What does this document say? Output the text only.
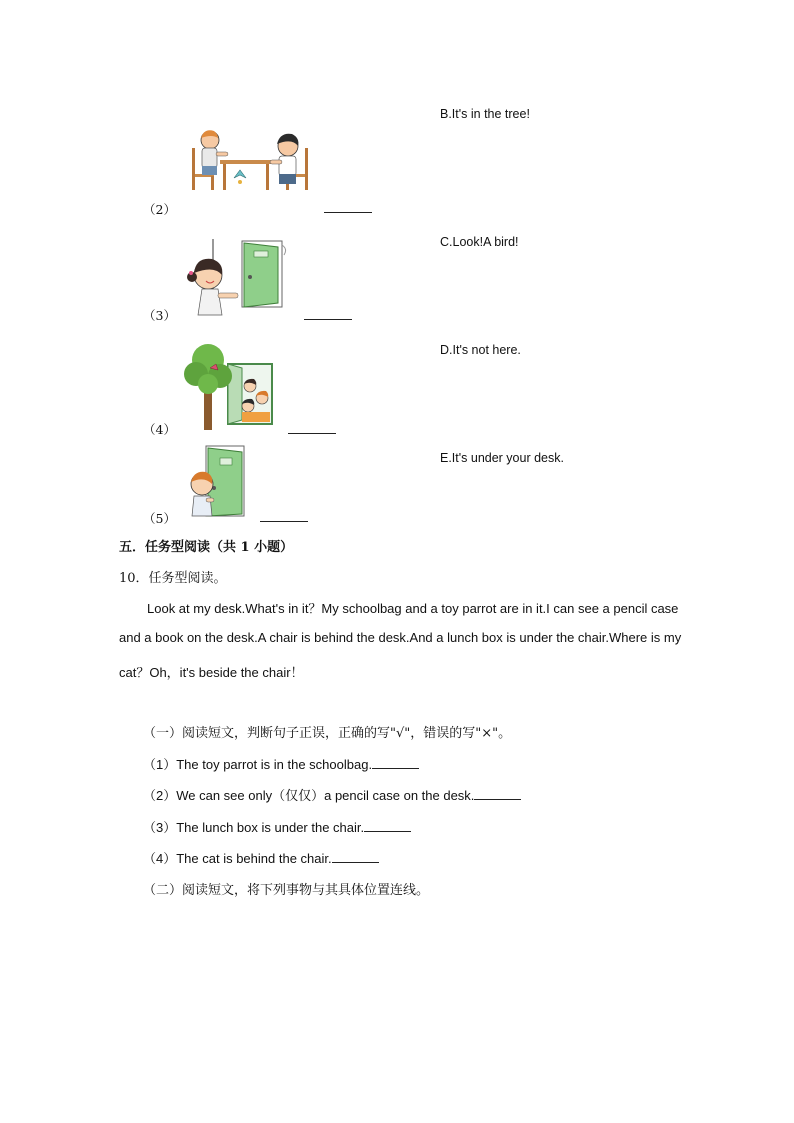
B.It's in the tree!
C.Look!A bird!
D.It's not here.
E.It's under your desk.
（2）
（3）
（4）
（5）
五．任务型阅读（共 1 小题）
10．任务型阅读。
Look at my desk.What's in it？My schoolbag and a toy parrot are in it.I can see a pencil case
and a book on the desk.A chair is behind the desk.And a lunch box is under the chair.Where is my
cat？Oh，it's beside the chair！
（一）阅读短文，判断句子正误，正确的写"√"，错误的写"×"。
（1）The toy parrot is in the schoolbag.
（2）We can see only（仅仅）a pencil case on the desk.
（3）The lunch box is under the chair.
（4）The cat is behind the chair.
（二）阅读短文，将下列事物与其具体位置连线。
